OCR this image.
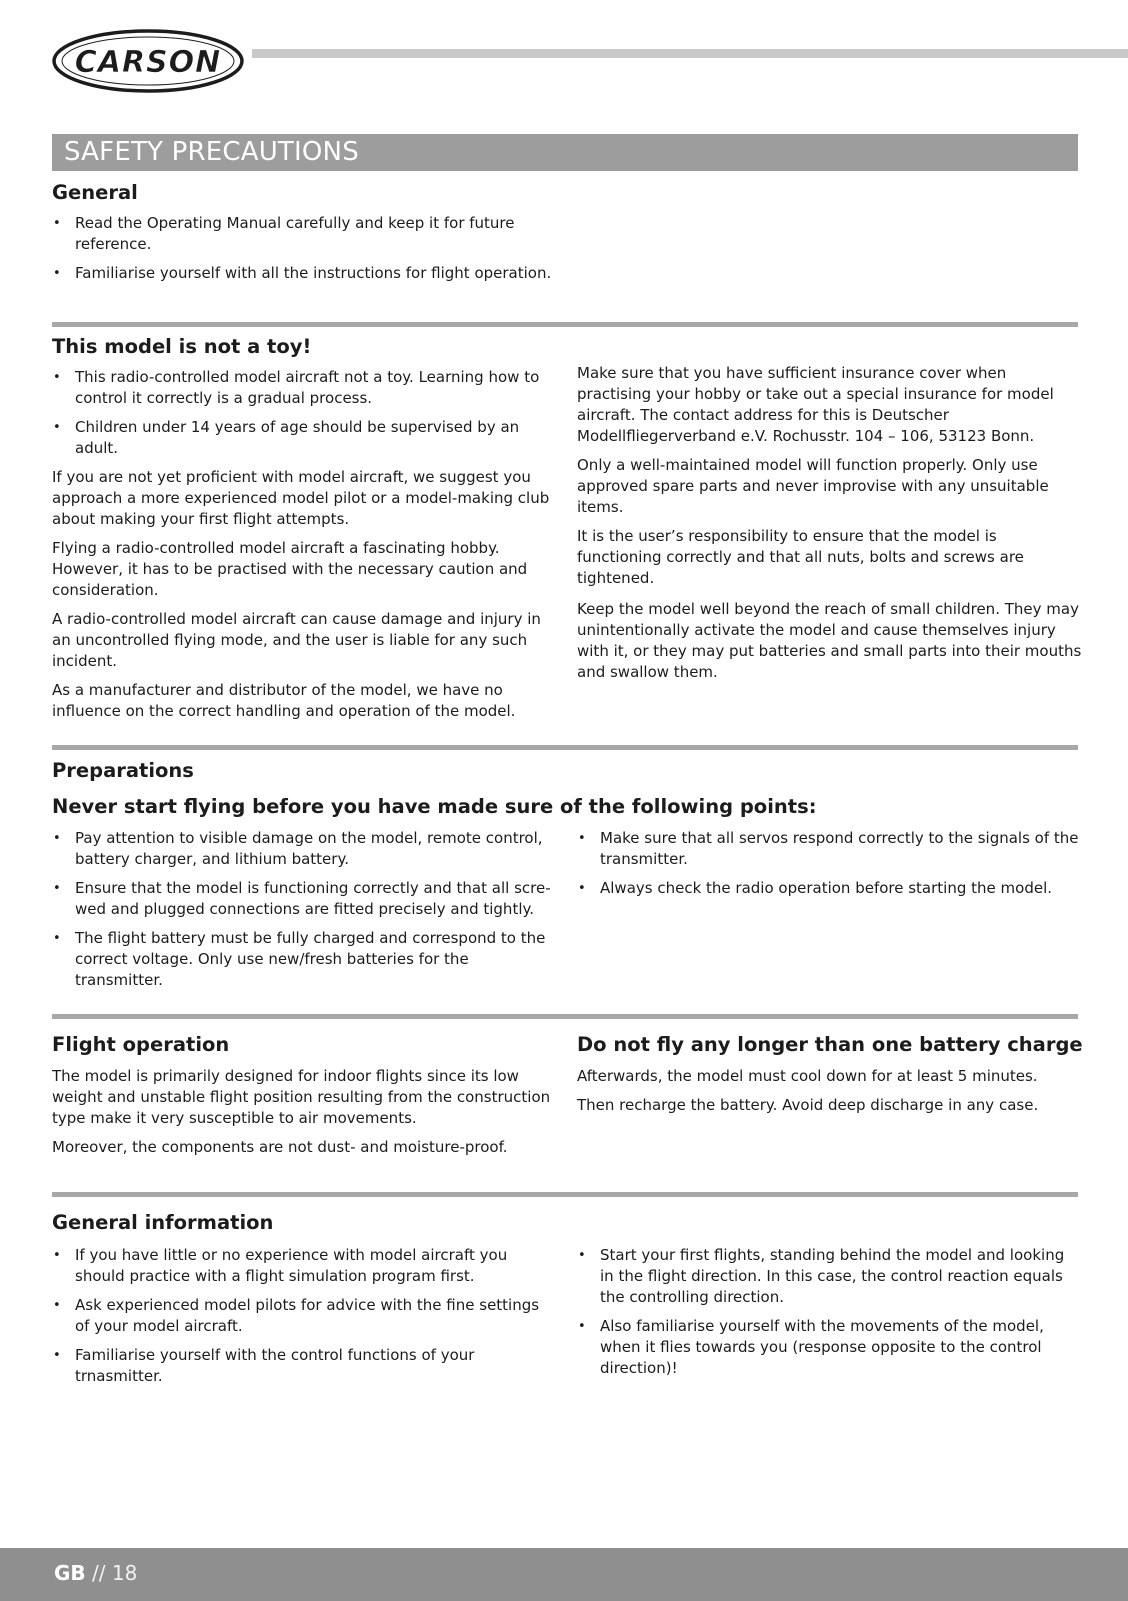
CARSON
SAFETY PRECAUTIONS
General
• Read the Operating Manual carefully and keep it for future reference.
• Familiarise yourself with all the instructions for flight operation.
This model is not a toy!
• This radio-controlled model aircraft not a toy. Learning how to control it correctly is a gradual process.
• Children under 14 years of age should be supervised by an adult.

If you are not yet proficient with model aircraft, we suggest you approach a more experienced model pilot or a model-making club about making your first flight attempts.

Flying a radio-controlled model aircraft a fascinating hobby. However, it has to be practised with the necessary caution and consideration.

A radio-controlled model aircraft can cause damage and injury in an uncontrolled flying mode, and the user is liable for any such incident.

As a manufacturer and distributor of the model, we have no influence on the correct handling and operation of the model.

Make sure that you have sufficient insurance cover when practising your hobby or take out a special insurance for model aircraft. The contact address for this is Deutscher Modellfliegerverband e.V. Rochusstr. 104 – 106, 53123 Bonn.

Only a well-maintained model will function properly. Only use approved spare parts and never improvise with any unsuitable items.

It is the user’s responsibility to ensure that the model is functioning correctly and that all nuts, bolts and screws are tightened.

Keep the model well beyond the reach of small children. They may unintentionally activate the model and cause themselves injury with it, or they may put batteries and small parts into their mouths and swallow them.

Preparations
Never start flying before you have made sure of the following points:
• Pay attention to visible damage on the model, remote control, battery charger, and lithium battery.
• Ensure that the model is functioning correctly and that all scre-wed and plugged connections are fitted precisely and tightly.
• The flight battery must be fully charged and correspond to the correct voltage. Only use new/fresh batteries for the transmitter.
• Make sure that all servos respond correctly to the signals of the transmitter.
• Always check the radio operation before starting the model.
Flight operation

The model is primarily designed for indoor flights since its low weight and unstable flight position resulting from the construction type make it very susceptible to air movements.

Moreover, the components are not dust- and moisture-proof.

Do not fly any longer than one battery charge

Afterwards, the model must cool down for at least 5 minutes.

Then recharge the battery. Avoid deep discharge in any case.

General information
• If you have little or no experience with model aircraft you should practice with a flight simulation program first.
• Ask experienced model pilots for advice with the fine settings of your model aircraft.
• Familiarise yourself with the control functions of your trnasmitter.
• Start your first flights, standing behind the model and looking in the flight direction. In this case, the control reaction equals the controlling direction.
• Also familiarise yourself with the movements of the model, when it flies towards you (response opposite to the control direction)!
GB // 18
